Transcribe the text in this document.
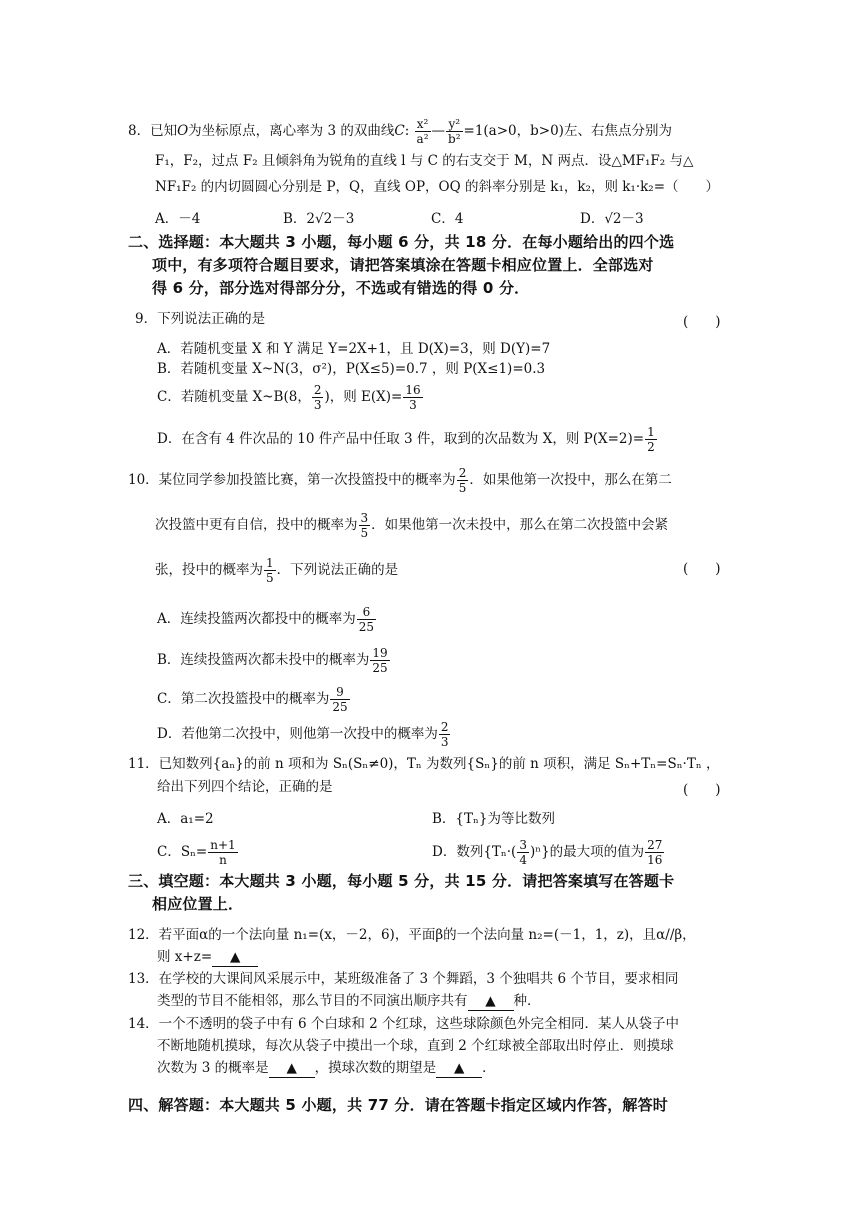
8．已知O为坐标原点，离心率为 3 的双曲线C: $\frac{\text{x²}}{\text{a²}}$ — $\frac{\text{y²}}{\text{b²}} =1(a>0$，b>0)左、右焦点分别为
F₁，F₂，过点 F₂ 且倾斜角为锐角的直线 l 与 C 的右支交于 M，N 两点．设△MF₁F₂ 与△
NF₁F₂ 的内切圆圆心分别是 P，Q，直线 OP，OQ 的斜率分别是 k₁，k₂，则 k₁·k₂=（　　）
A．－4	B．2√2－3	C．4	D．√2－3
二、选择题：本大题共 3 小题，每小题 6 分，共 18 分．在每小题给出的四个选
项中，有多项符合题目要求，请把答案填涂在答题卡相应位置上．全部选对
得 6 分，部分选对得部分分，不选或有错选的得 0 分．
9．下列说法正确的是	(　　)
A．若随机变量 X 和 Y 满足 Y=2X+1，且 D(X)=3，则 D(Y)=7
B．若随机变量 X~N(3，σ²)，P(X≤5)=0.7 ，则 P(X≤1)=0.3
C．若随机变量 X~B(8， $\frac{2}{3}$ )，则 $E(X)= \frac{16}{3}$
D．在含有 4 件次品的 10 件产品中任取 3 件，取到的次品数为 X，则 $P(X=2)= \frac{1}{2}$
10．某位同学参加投篮比赛，第一次投篮投中的概率为 $\frac{2}{5}$ ．如果他第一次投中，那么在第二
次投篮中更有自信，投中的概率为 $\frac{3}{5}$ ．如果他第一次未投中，那么在第二次投篮中会紧
张，投中的概率为 $\frac{1}{5}$ ．下列说法正确的是	(　　)
A．连续投篮两次都投中的概率为 $\frac{6}{25}$
B．连续投篮两次都未投中的概率为 $\frac{19}{25}$
C．第二次投篮投中的概率为 $\frac{9}{25}$
D．若他第二次投中，则他第一次投中的概率为 $\frac{2}{3}$
11．已知数列{aₙ}的前 n 项和为 Sₙ(Sₙ≠0)，Tₙ 为数列{Sₙ}的前 n 项积，满足 Sₙ+Tₙ=Sₙ·Tₙ ，
给出下列四个结论，正确的是	(　　)
A．a₁=2	B．{Tₙ}为等比数列
C．$S_n= \frac{n+1}{n}$	D．数列$\{T_n\cdot( \frac{3}{4} )^n\}$的最大项的值为 $\frac{27}{16}$
三、填空题：本大题共 3 小题，每小题 5 分，共 15 分．请把答案填写在答题卡
相应位置上．
12．若平面α的一个法向量 n₁=(x，－2，6)，平面β的一个法向量 n₂=(－1，1，z)，且α//β，
则 x+z= ▲
13．在学校的大课间风采展示中，某班级准备了 3 个舞蹈，3 个独唱共 6 个节目，要求相同
类型的节目不能相邻，那么节目的不同演出顺序共有 ▲ 种．
14．一个不透明的袋子中有 6 个白球和 2 个红球，这些球除颜色外完全相同．某人从袋子中
不断地随机摸球，每次从袋子中摸出一个球，直到 2 个红球被全部取出时停止．则摸球
次数为 3 的概率是 ▲ ，摸球次数的期望是 ▲ ．
四、解答题：本大题共 5 小题，共 77 分．请在答题卡指定区域内作答，解答时
